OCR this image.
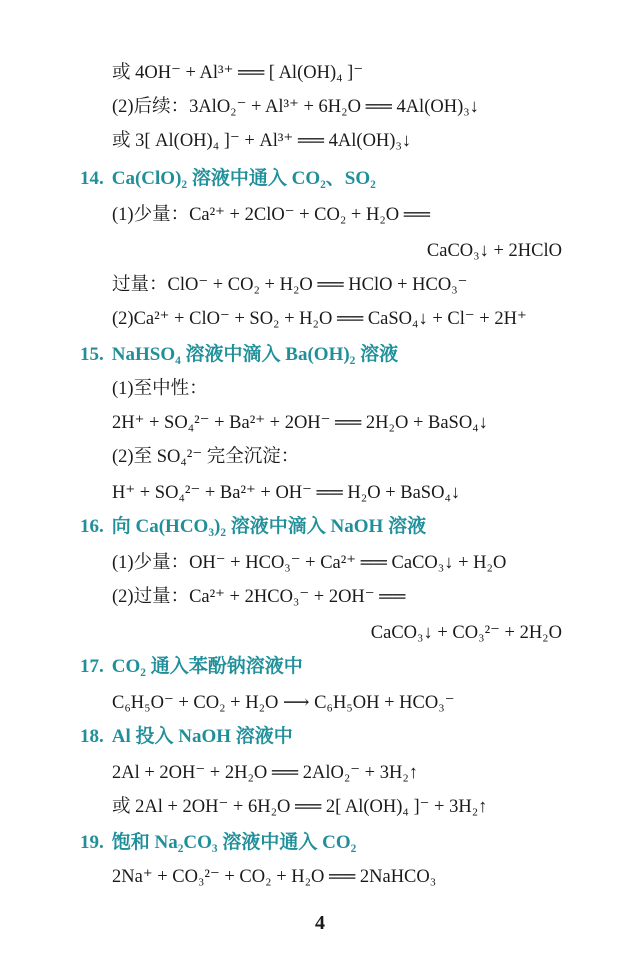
或 4OH⁻ + Al³⁺ ══ [ Al(OH)₄ ]⁻
(2)后续：3AlO₂⁻ + Al³⁺ + 6H₂O ══ 4Al(OH)₃↓
或 3[ Al(OH)₄ ]⁻ + Al³⁺ ══ 4Al(OH)₃↓
14. Ca(ClO)₂ 溶液中通入 CO₂、SO₂
(1)少量：Ca²⁺ + 2ClO⁻ + CO₂ + H₂O ══
CaCO₃↓ + 2HClO
过量：ClO⁻ + CO₂ + H₂O ══ HClO + HCO₃⁻
(2)Ca²⁺ + ClO⁻ + SO₂ + H₂O ══ CaSO₄↓ + Cl⁻ + 2H⁺
15. NaHSO₄ 溶液中滴入 Ba(OH)₂ 溶液
(1)至中性：
2H⁺ + SO₄²⁻ + Ba²⁺ + 2OH⁻ ══ 2H₂O + BaSO₄↓
(2)至 SO₄²⁻ 完全沉淀：
H⁺ + SO₄²⁻ + Ba²⁺ + OH⁻ ══ H₂O + BaSO₄↓
16. 向 Ca(HCO₃)₂ 溶液中滴入 NaOH 溶液
(1)少量：OH⁻ + HCO₃⁻ + Ca²⁺ ══ CaCO₃↓ + H₂O
(2)过量：Ca²⁺ + 2HCO₃⁻ + 2OH⁻ ══
CaCO₃↓ + CO₃²⁻ + 2H₂O
17. CO₂ 通入苯酚钠溶液中
C₆H₅O⁻ + CO₂ + H₂O ⟶ C₆H₅OH + HCO₃⁻
18. Al 投入 NaOH 溶液中
2Al + 2OH⁻ + 2H₂O ══ 2AlO₂⁻ + 3H₂↑
或 2Al + 2OH⁻ + 6H₂O ══ 2[ Al(OH)₄ ]⁻ + 3H₂↑
19. 饱和 Na₂CO₃ 溶液中通入 CO₂
2Na⁺ + CO₃²⁻ + CO₂ + H₂O ══ 2NaHCO₃
4
